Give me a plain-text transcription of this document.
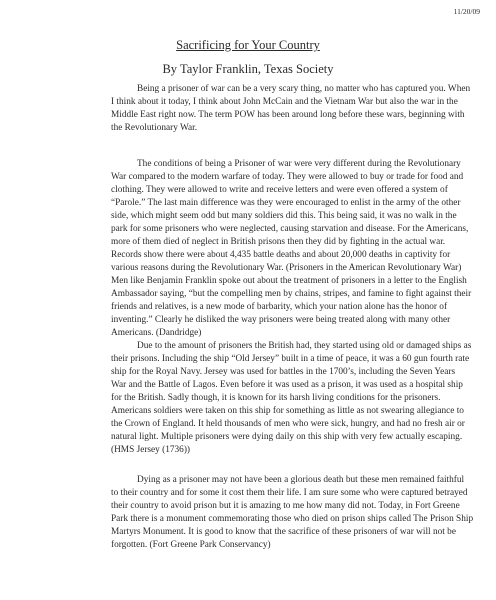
11/20/09
Sacrificing for Your Country
By Taylor Franklin, Texas Society
Being a prisoner of war can be a very scary thing, no matter who has captured you. When
I think about it today, I think about John McCain and the Vietnam War but also the war in the
Middle East right now. The term POW has been around long before these wars, beginning with
the Revolutionary War.
The conditions of being a Prisoner of war were very different during the Revolutionary
War compared to the modern warfare of today. They were allowed to buy or trade for food and
clothing. They were allowed to write and receive letters and were even offered a system of
“Parole.” The last main difference was they were encouraged to enlist in the army of the other
side, which might seem odd but many soldiers did this. This being said, it was no walk in the
park for some prisoners who were neglected, causing starvation and disease. For the Americans,
more of them died of neglect in British prisons then they did by fighting in the actual war.
Records show there were about 4,435 battle deaths and about 20,000 deaths in captivity for
various reasons during the Revolutionary War. (Prisoners in the American Revolutionary War)
Men like Benjamin Franklin spoke out about the treatment of prisoners in a letter to the English
Ambassador saying, “but the compelling men by chains, stripes, and famine to fight against their
friends and relatives, is a new mode of barbarity, which your nation alone has the honor of
inventing.” Clearly he disliked the way prisoners were being treated along with many other
Americans. (Dandridge)
Due to the amount of prisoners the British had, they started using old or damaged ships as
their prisons. Including the ship “Old Jersey” built in a time of peace, it was a 60 gun fourth rate
ship for the Royal Navy. Jersey was used for battles in the 1700’s, including the Seven Years
War and the Battle of Lagos. Even before it was used as a prison, it was used as a hospital ship
for the British. Sadly though, it is known for its harsh living conditions for the prisoners.
Americans soldiers were taken on this ship for something as little as not swearing allegiance to
the Crown of England. It held thousands of men who were sick, hungry, and had no fresh air or
natural light. Multiple prisoners were dying daily on this ship with very few actually escaping.
(HMS Jersey (1736))
Dying as a prisoner may not have been a glorious death but these men remained faithful
to their country and for some it cost them their life. I am sure some who were captured betrayed
their country to avoid prison but it is amazing to me how many did not. Today, in Fort Greene
Park there is a monument commemorating those who died on prison ships called The Prison Ship
Martyrs Monument. It is good to know that the sacrifice of these prisoners of war will not be
forgotten. (Fort Greene Park Conservancy)
